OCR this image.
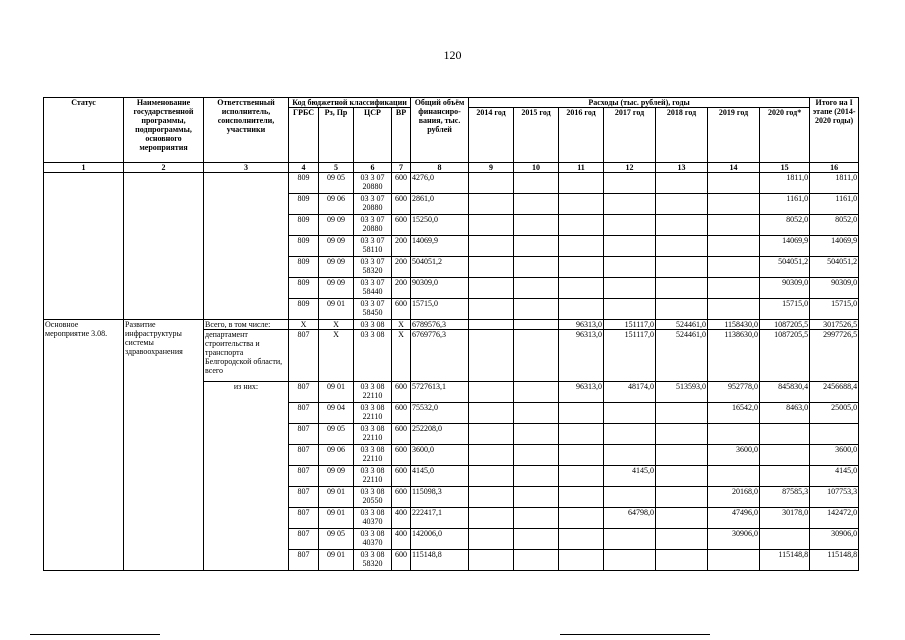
120
Статус	Наименование государственной программы, подпрограммы, основного мероприятия	Ответственный исполнитель, соисполнители, участники	Код бюджетной классификации				Общий объём финансиро-вания, тыс. рублей	Расходы (тыс. рублей), годы							Итого на I этапе (2014-2020 годы)
			ГРБС	Рз, Пр	ЦСР	ВР		2014 год	2015 год	2016 год	2017 год	2018 год	2019 год	2020 год*	
1	2	3	4	5	6	7	8	9	10	11	12	13	14	15	16
			809	09 05	03 3 07 20880	600	4276,0							1811,0	1811,0
			809	09 06	03 3 07 20880	600	2861,0							1161,0	1161,0
			809	09 09	03 3 07 20880	600	15250,0							8052,0	8052,0
			809	09 09	03 3 07 58110	200	14069,9							14069,9	14069,9
			809	09 09	03 3 07 58320	200	504051,2							504051,2	504051,2
			809	09 09	03 3 07 58440	200	90309,0							90309,0	90309,0
			809	09 01	03 3 07 58450	600	15715,0							15715,0	15715,0
Основное мероприятие 3.08.	Развитие инфраструктуры системы здравоохранения	Всего, в том числе:	Х	Х	03 3 08	Х	6789576,3			96313,0	151117,0	524461,0	1158430,0	1087205,5	3017526,5
		департамент строительства и транспорта Белгородской области, всего	807	Х	03 3 08	Х	6769776,3			96313,0	151117,0	524461,0	1138630,0	1087205,5	2997726,5
		из них:	807	09 01	03 3 08 22110	600	5727613,1			96313,0	48174,0	513593,0	952778,0	845830,4	2456688,4
			807	09 04	03 3 08 22110	600	75532,0						16542,0	8463,0	25005,0
			807	09 05	03 3 08 22110	600	252208,0								
			807	09 06	03 3 08 22110	600	3600,0						3600,0		3600,0
			807	09 09	03 3 08 22110	600	4145,0				4145,0				4145,0
			807	09 01	03 3 08 20550	600	115098,3						20168,0	87585,3	107753,3
			807	09 01	03 3 08 40370	400	222417,1				64798,0		47496,0	30178,0	142472,0
			807	09 05	03 3 08 40370	400	142006,0						30906,0		30906,0
			807	09 01	03 3 08 58320	600	115148,8							115148,8	115148,8
